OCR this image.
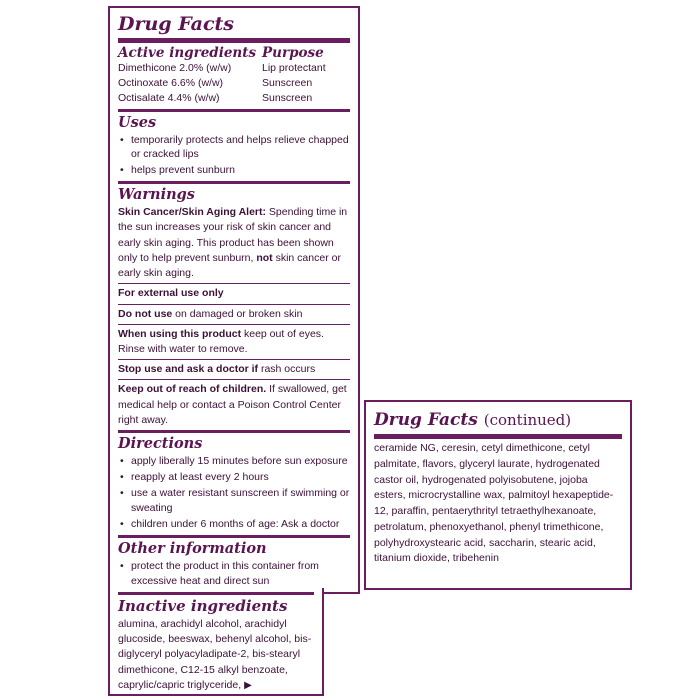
Drug Facts
Active ingredients Purpose
Dimethicone 2.0% (w/w)	Lip protectant
Octinoxate 6.6% (w/w)	Sunscreen
Octisalate 4.4% (w/w)	Sunscreen
Uses
• temporarily protects and helps relieve chapped or cracked lips
• helps prevent sunburn
Warnings

Skin Cancer/Skin Aging Alert: Spending time in the sun increases your risk of skin cancer and early skin aging. This product has been shown only to help prevent sunburn, not skin cancer or early skin aging.

For external use only

Do not use on damaged or broken skin

When using this product keep out of eyes. Rinse with water to remove.

Stop use and ask a doctor if rash occurs

Keep out of reach of children. If swallowed, get medical help or contact a Poison Control Center right away.

Directions
• apply liberally 15 minutes before sun exposure
• reapply at least every 2 hours
• use a water resistant sunscreen if swimming or sweating
• children under 6 months of age: Ask a doctor
Other information
• protect the product in this container from excessive heat and direct sun
Inactive ingredients

alumina, arachidyl alcohol, arachidyl glucoside, beeswax, behenyl alcohol, bis-diglyceryl polyacyladipate-2, bis-stearyl dimethicone, C12-15 alkyl benzoate, caprylic/capric triglyceride, ▶

Drug Facts (continued)

ceramide NG, ceresin, cetyl dimethicone, cetyl palmitate, flavors, glyceryl laurate, hydrogenated castor oil, hydrogenated polyisobutene, jojoba esters, microcrystalline wax, palmitoyl hexapeptide-12, paraffin, pentaerythrityl tetraethylhexanoate, petrolatum, phenoxyethanol, phenyl trimethicone, polyhydroxystearic acid, saccharin, stearic acid, titanium dioxide, tribehenin
